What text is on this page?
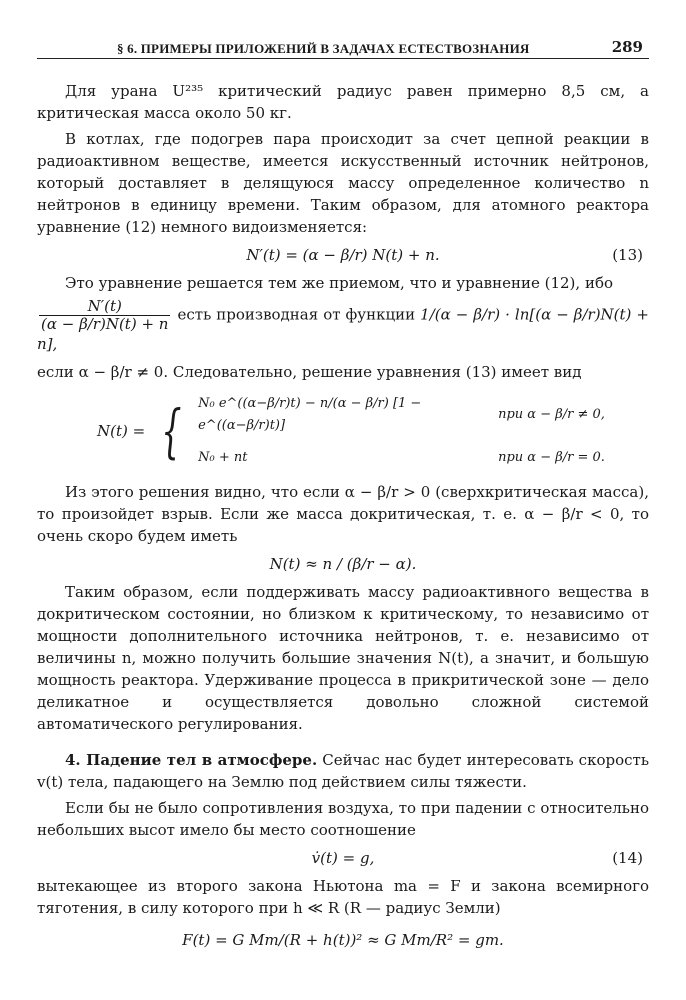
§ 6. ПРИМЕРЫ ПРИЛОЖЕНИЙ В ЗАДАЧАХ ЕСТЕСТВОЗНАНИЯ	289

Для урана U²³⁵ критический радиус равен примерно 8,5 см, а критическая масса около 50 кг.

В котлах, где подогрев пара происходит за счет цепной реакции в радиоактивном веществе, имеется искусственный источник нейтронов, который доставляет в делящуюся массу определенное количество n нейтронов в единицу времени. Таким образом, для атомного реактора уравнение (12) немного видоизменяется:

N′(t) = (α − β/r) N(t) + n.	(13)

Это уравнение решается тем же приемом, что и уравнение (12), ибо

$\frac{N'(t)}{(\alpha - \beta/r)N(t) + n}$ есть производная от функции 1/(α − β/r) · ln[(α − β/r)N(t) + n],

если α − β/r ≠ 0. Следовательно, решение уравнения (13) имеет вид

N(t) = { N₀ e^((α−β/r)t) − n/(α − β/r) [1 − e^((α−β/r)t)]
при α − β/r ≠ 0,
N₀ + nt	при α − β/r = 0.

Из этого решения видно, что если α − β/r > 0 (сверхкритическая масса), то произойдет взрыв. Если же масса докритическая, т. е. α − β/r < 0, то очень скоро будем иметь

N(t) ≈ n / (β/r − α).

Таким образом, если поддерживать массу радиоактивного вещества в докритическом состоянии, но близком к критическому, то независимо от мощности дополнительного источника нейтронов, т. е. независимо от величины n, можно получить большие значения N(t), а значит, и большую мощность реактора. Удерживание процесса в прикритической зоне — дело деликатное и осуществляется довольно сложной системой автоматического регулирования.

4. Падение тел в атмосфере. Сейчас нас будет интересовать скорость v(t) тела, падающего на Землю под действием силы тяжести.

Если бы не было сопротивления воздуха, то при падении с относительно небольших высот имело бы место соотношение

v̇(t) = g,	(14)

вытекающее из второго закона Ньютона ma = F и закона всемирного тяготения, в силу которого при h ≪ R (R — радиус Земли)

F(t) = G Mm/(R + h(t))² ≈ G Mm/R² = gm.
